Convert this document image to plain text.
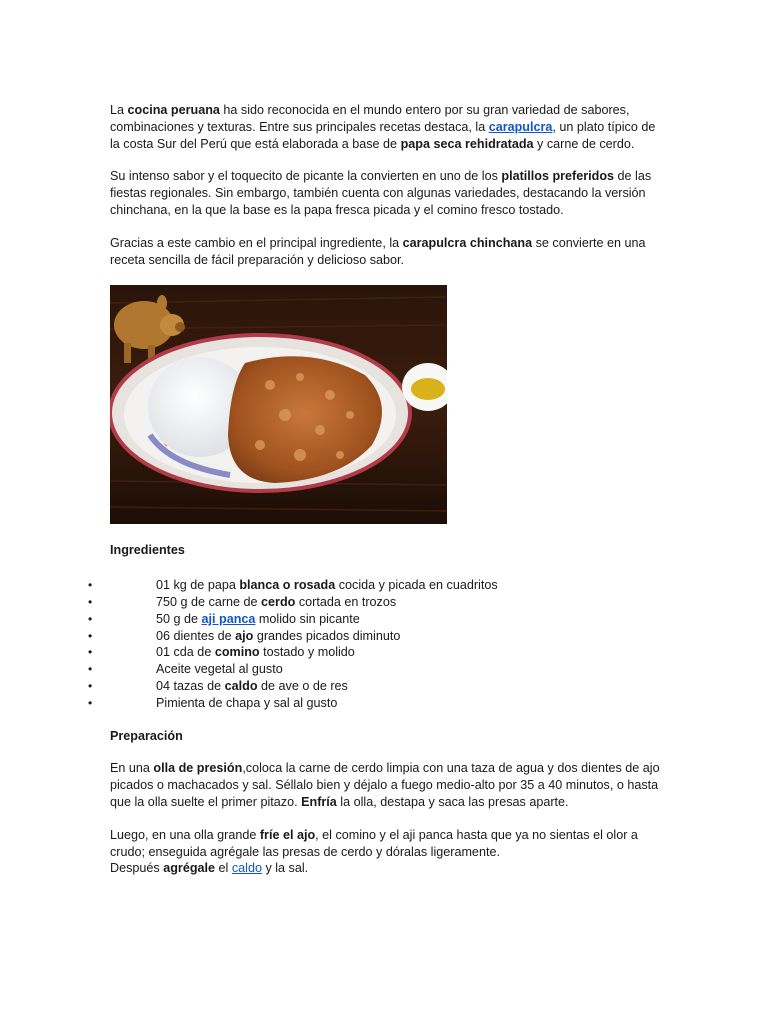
La cocina peruana ha sido reconocida en el mundo entero por su gran variedad de sabores, combinaciones y texturas. Entre sus principales recetas destaca, la carapulcra, un plato típico de la costa Sur del Perú que está elaborada a base de papa seca rehidratada y carne de cerdo.

Su intenso sabor y el toquecito de picante la convierten en uno de los platillos preferidos de las fiestas regionales. Sin embargo, también cuenta con algunas variedades, destacando la versión chinchana, en la que la base es la papa fresca picada y el comino fresco tostado.

Gracias a este cambio en el principal ingrediente, la carapulcra chinchana se convierte en una receta sencilla de fácil preparación y delicioso sabor.

Ingredientes

• 01 kg de papa blanca o rosada cocida y picada en cuadritos
• 750 g de carne de cerdo cortada en trozos
• 50 g de aji panca molido sin picante
• 06 dientes de ajo grandes picados diminuto
• 01 cda de comino tostado y molido
• Aceite vegetal al gusto
• 04 tazas de caldo de ave o de res
• Pimienta de chapa y sal al gusto

Preparación

En una olla de presión,coloca la carne de cerdo limpia con una taza de agua y dos dientes de ajo picados o machacados y sal. Séllalo bien y déjalo a fuego medio-alto por 35 a 40 minutos, o hasta que la olla suelte el primer pitazo. Enfría la olla, destapa y saca las presas aparte.

Luego, en una olla grande fríe el ajo, el comino y el aji panca hasta que ya no sientas el olor a crudo; enseguida agrégale las presas de cerdo y dóralas ligeramente.
Después agrégale el caldo y la sal.
